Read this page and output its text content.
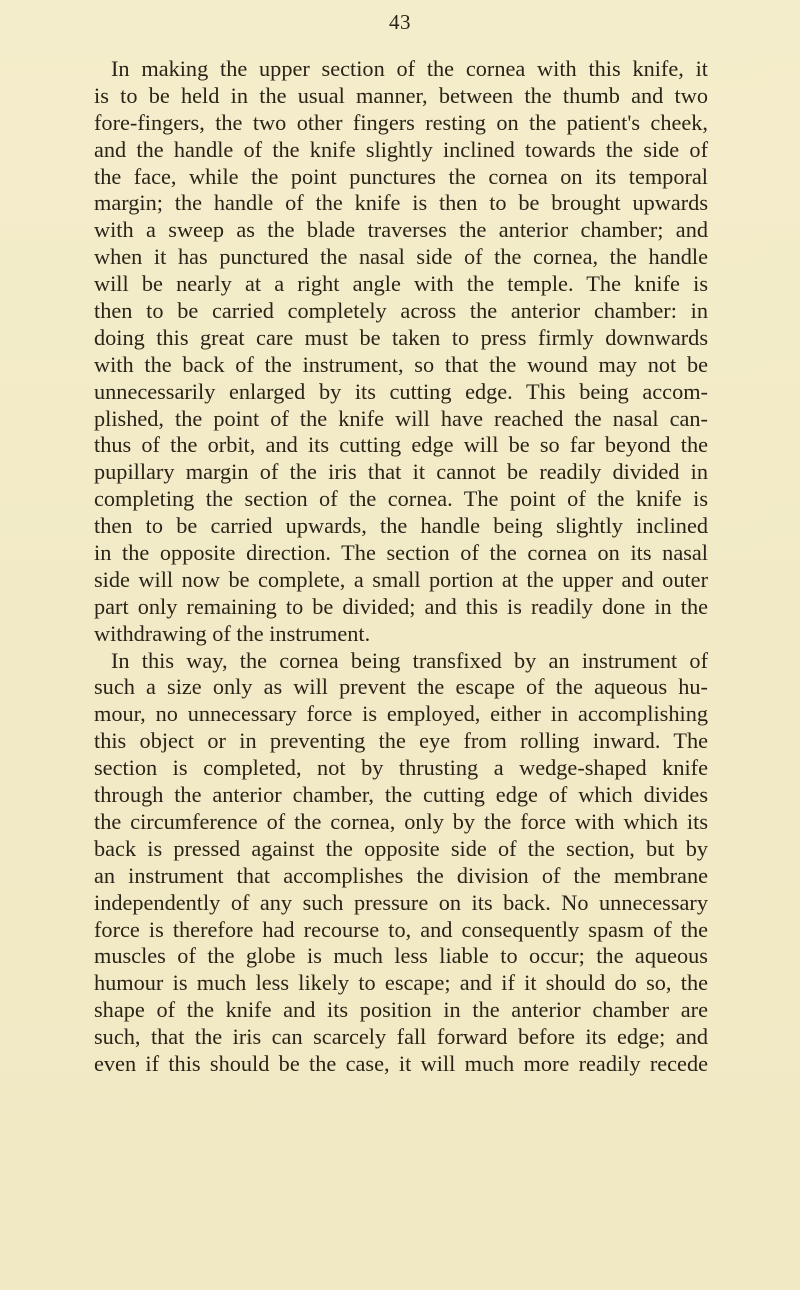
43
In making the upper section of the cornea with this knife, it
is to be held in the usual manner, between the thumb and two
fore-fingers, the two other fingers resting on the patient's cheek,
and the handle of the knife slightly inclined towards the side of
the face, while the point punctures the cornea on its temporal
margin; the handle of the knife is then to be brought upwards
with a sweep as the blade traverses the anterior chamber; and
when it has punctured the nasal side of the cornea, the handle
will be nearly at a right angle with the temple. The knife is
then to be carried completely across the anterior chamber: in
doing this great care must be taken to press firmly downwards
with the back of the instrument, so that the wound may not be
unnecessarily enlarged by its cutting edge. This being accom-
plished, the point of the knife will have reached the nasal can-
thus of the orbit, and its cutting edge will be so far beyond the
pupillary margin of the iris that it cannot be readily divided in
completing the section of the cornea. The point of the knife is
then to be carried upwards, the handle being slightly inclined
in the opposite direction. The section of the cornea on its nasal
side will now be complete, a small portion at the upper and outer
part only remaining to be divided; and this is readily done in the
withdrawing of the instrument.
In this way, the cornea being transfixed by an instrument of
such a size only as will prevent the escape of the aqueous hu-
mour, no unnecessary force is employed, either in accomplishing
this object or in preventing the eye from rolling inward. The
section is completed, not by thrusting a wedge-shaped knife
through the anterior chamber, the cutting edge of which divides
the circumference of the cornea, only by the force with which its
back is pressed against the opposite side of the section, but by
an instrument that accomplishes the division of the membrane
independently of any such pressure on its back. No unnecessary
force is therefore had recourse to, and consequently spasm of the
muscles of the globe is much less liable to occur; the aqueous
humour is much less likely to escape; and if it should do so, the
shape of the knife and its position in the anterior chamber are
such, that the iris can scarcely fall forward before its edge; and
even if this should be the case, it will much more readily recede
